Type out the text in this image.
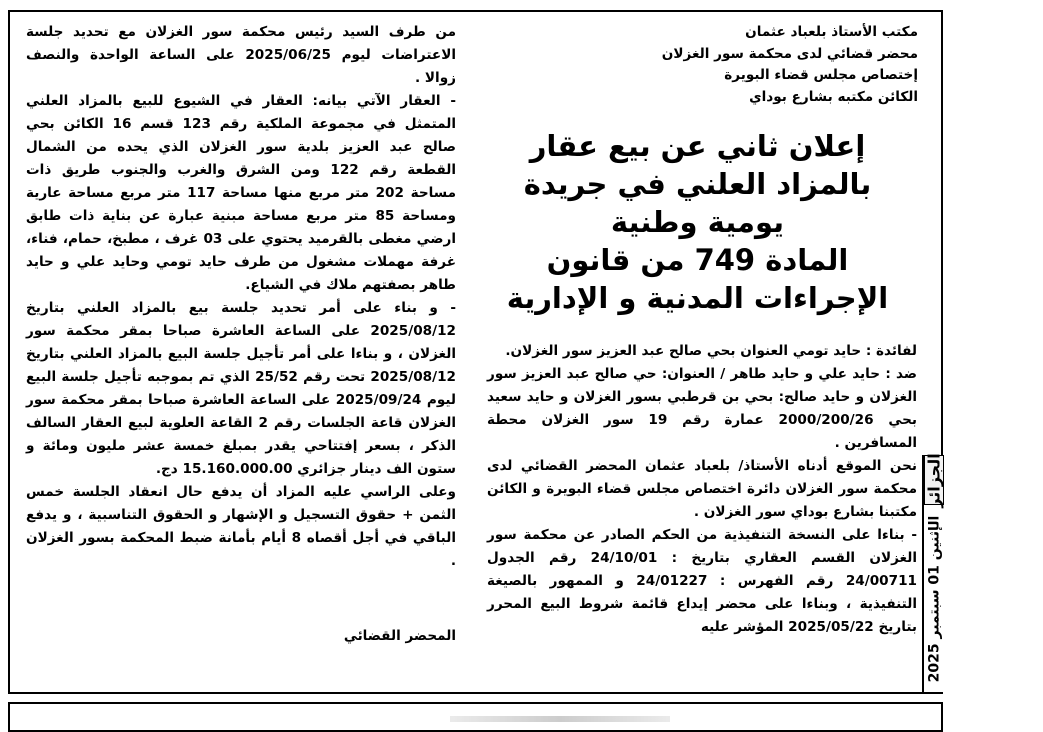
من طرف السيد رئيس محكمة سور الغزلان مع تحديد جلسة الاعتراضات ليوم 2025/06/25 على الساعة الواحدة والنصف زوالا .

- العقار الآتي بيانه: العقار في الشيوع للبيع بالمزاد العلني المتمثل في مجموعة الملكية رقم 123 قسم 16 الكائن بحي صالح عبد العزيز بلدية سور الغزلان الذي يحده من الشمال القطعة رقم 122 ومن الشرق والغرب والجنوب طريق ذات مساحة 202 متر مربع منها مساحة 117 متر مربع مساحة عارية ومساحة 85 متر مربع مساحة مبنية عبارة عن بناية ذات طابق ارضي مغطى بالقرميد يحتوي على 03 غرف ، مطبخ، حمام، فناء، غرفة مهملات مشغول من طرف حايد تومي وحايد علي و حايد طاهر بصفتهم ملاك في الشياع.

- و بناء على أمر تحديد جلسة بيع بالمزاد العلني بتاريخ 2025/08/12 على الساعة العاشرة صباحا بمقر محكمة سور الغزلان ، و بناءا على أمر تأجيل جلسة البيع بالمزاد العلني بتاريخ 2025/08/12 تحت رقم 25/52 الذي تم بموجبه تأجيل جلسة البيع ليوم 2025/09/24 على الساعة العاشرة صباحا بمقر محكمة سور الغزلان قاعة الجلسات رقم 2 القاعة العلوية لبيع العقار السالف الذكر ، بسعر إفتتاحي يقدر بمبلغ خمسة عشر مليون ومائة و ستون الف دينار جزائري 15.160.000.00 دج.

وعلى الراسي عليه المزاد أن يدفع حال انعقاد الجلسة خمس الثمن + حقوق التسجيل و الإشهار و الحقوق التناسبية ، و يدفع الباقي في أجل أقصاه 8 أيام بأمانة ضبط المحكمة بسور الغزلان .

المحضر القضائي
مكتب الأستاذ بلعباد عثمان
محضر قضائي لدى محكمة سور الغزلان
إختصاص مجلس قضاء البويرة
الكائن مكتبه بشارع بوداي
إعلان ثاني عن بيع عقار
بالمزاد العلني في جريدة
يومية وطنية
المادة 749 من قانون
الإجراءات المدنية و الإدارية

لفائدة : حايد تومي العنوان بحي صالح عبد العزيز سور الغزلان.

ضد : حايد علي و حايد طاهر / العنوان: حي صالح عبد العزيز سور الغزلان و حايد صالح: بحي بن قرطبي بسور الغزلان و حايد سعيد بحي 2000/200/26 عمارة رقم 19 سور الغزلان محطة المسافرين .

نحن الموقع أدناه الأستاذ/ بلعباد عثمان المحضر القضائي لدى محكمة سور الغزلان دائرة اختصاص مجلس قضاء البويرة و الكائن مكتبنا بشارع بوداي سور الغزلان .

- بناءا على النسخة التنفيذية من الحكم الصادر عن محكمة سور الغزلان القسم العقاري بتاريخ : 24/10/01 رقم الجدول 24/00711 رقم الفهرس : 24/01227 و الممهور بالصيغة التنفيذية ، وبناءا على محضر إيداع قائمة شروط البيع المحرر بتاريخ 2025/05/22 المؤشر عليه

الجزائر
الإثنين 01 سبتمبر 2025
